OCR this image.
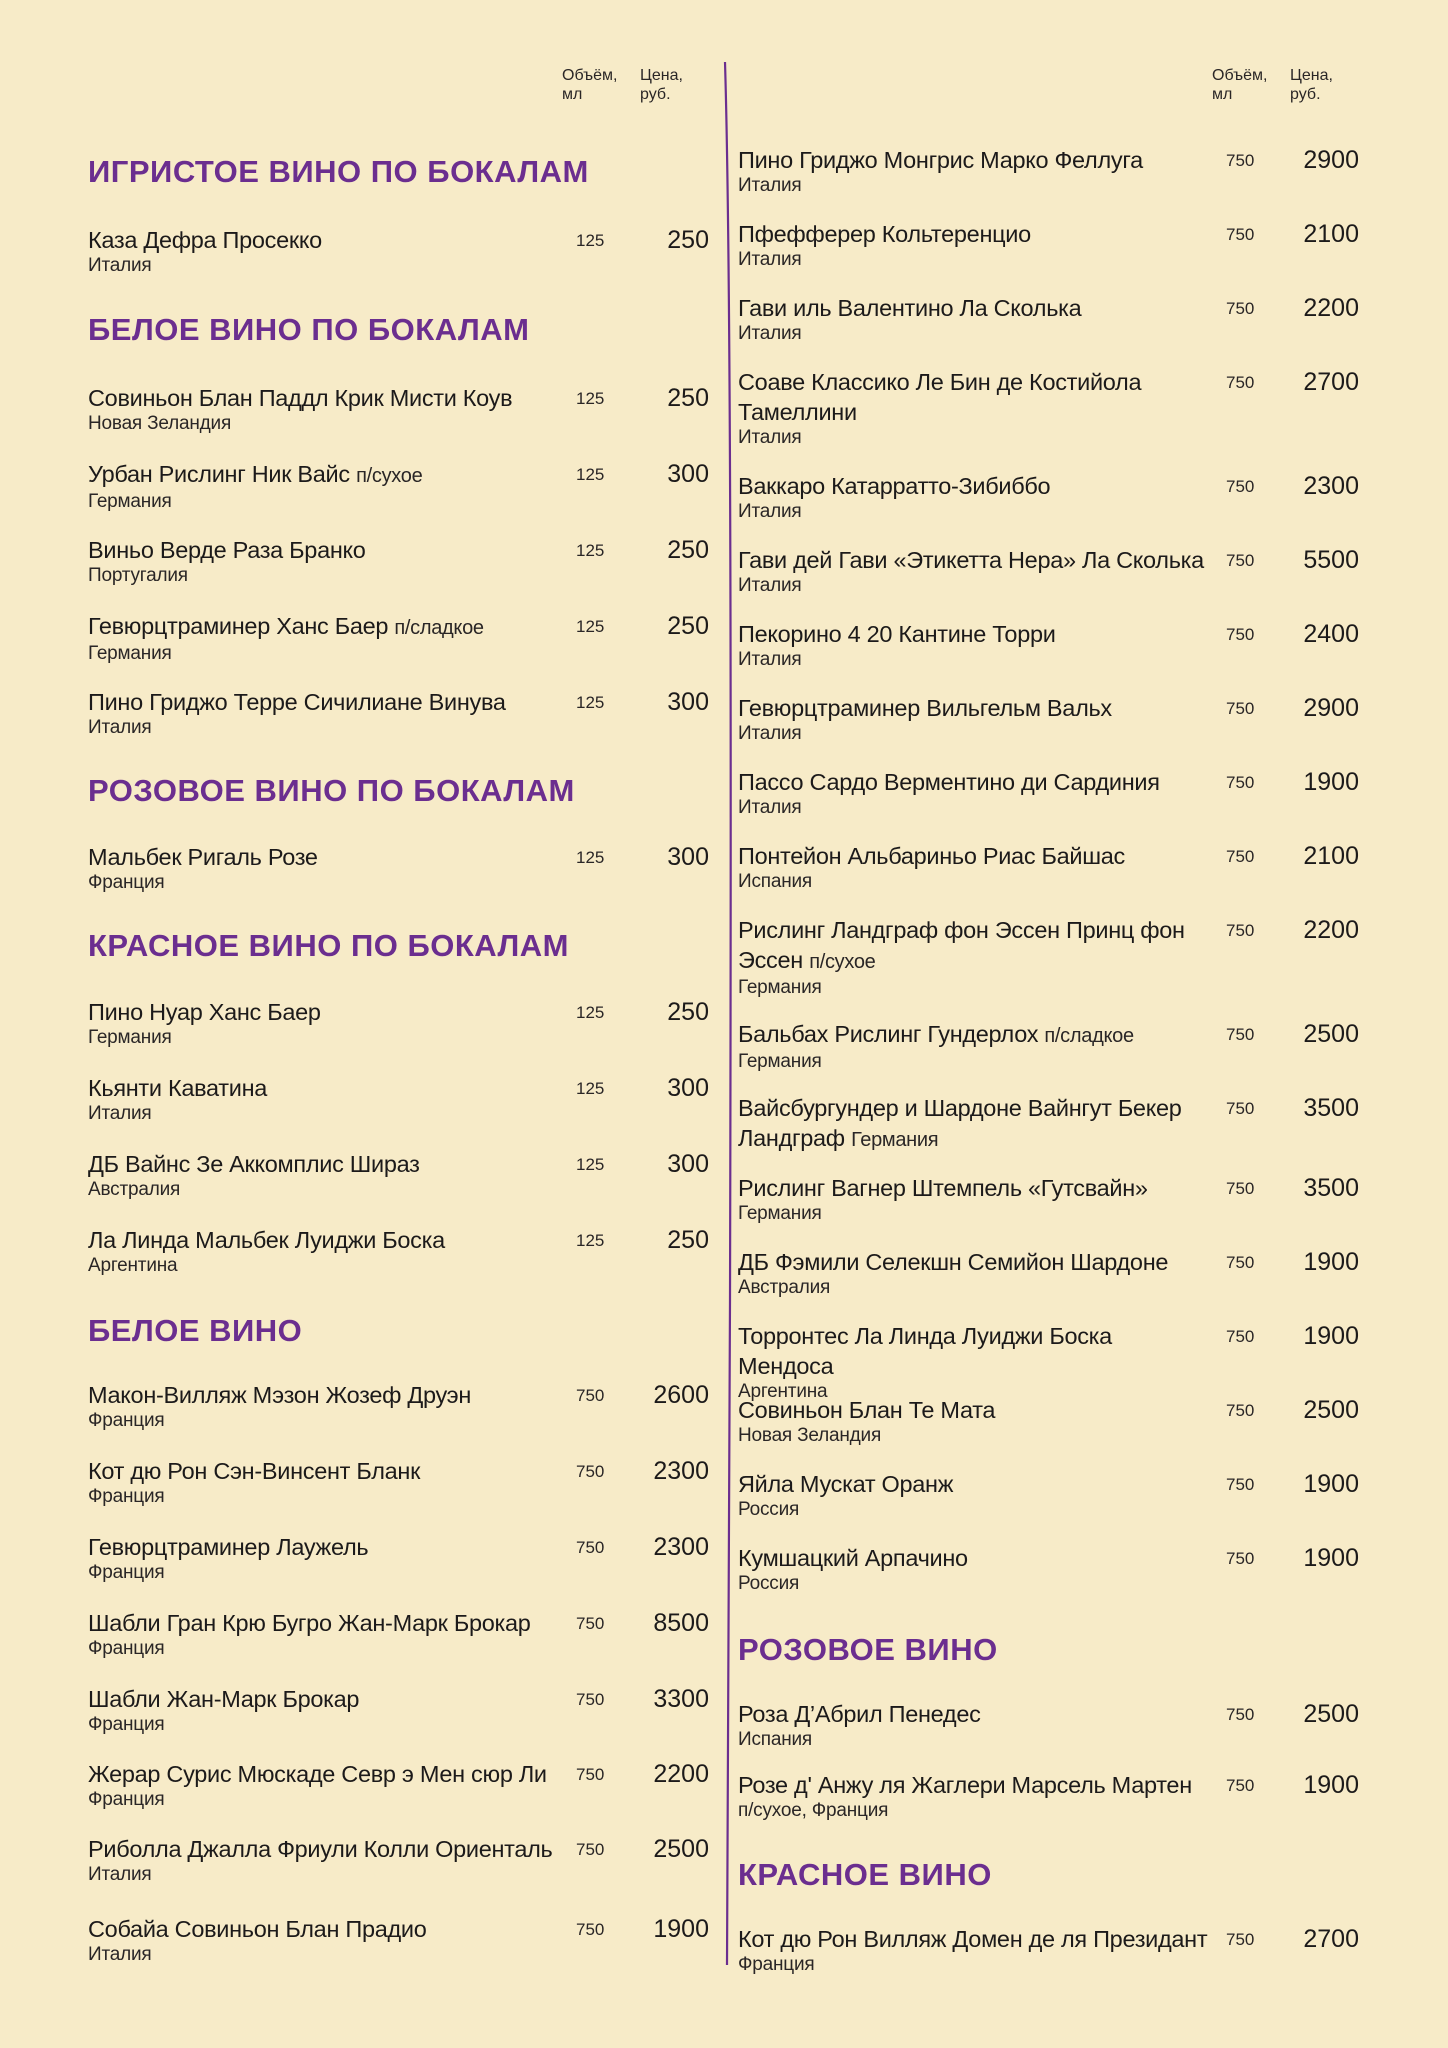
Объём,
мл
Цена,
руб.
ИГРИСТОЕ ВИНО ПО БОКАЛАМ
Каза Дефра Просекко
Италия
125	250
БЕЛОЕ ВИНО ПО БОКАЛАМ
Совиньон Блан Паддл Крик Мисти Коув
Новая Зеландия
125	250
Урбан Рислинг Ник Вайс п/сухое
Германия
125	300
Виньо Верде Раза Бранко
Португалия
125	250
Гевюрцтраминер Ханс Баер п/сладкое
Германия
125	250
Пино Гриджо Терре Сичилиане Винува
Италия
125	300
РОЗОВОЕ ВИНО ПО БОКАЛАМ
Мальбек Ригаль Розе
Франция
125	300
КРАСНОЕ ВИНО ПО БОКАЛАМ
Пино Нуар Ханс Баер
Германия
125	250
Кьянти Каватина
Италия
125	300
ДБ Вайнс Зе Аккомплис Шираз
Австралия
125	300
Ла Линда Мальбек Луиджи Боска
Аргентина
125	250
БЕЛОЕ ВИНО
Макон-Вилляж Мэзон Жозеф Друэн
Франция
750	2600
Кот дю Рон Сэн-Винсент Бланк
Франция
750	2300
Гевюрцтраминер Лаужель
Франция
750	2300
Шабли Гран Крю Бугро Жан-Марк Брокар
Франция
750	8500
Шабли Жан-Марк Брокар
Франция
750	3300
Жерар Сурис Мюскаде Севр э Мен сюр Ли
Франция
750	2200
Риболла Джалла Фриули Колли Ориенталь
Италия
750	2500
Собайа Совиньон Блан Прадио
Италия
750	1900
Объём,
мл
Цена,
руб.
Пино Гриджо Монгрис Марко Феллуга
Италия
750	2900
Пфефферер Кольтеренцио
Италия
750	2100
Гави иль Валентино Ла Сколька
Италия
750	2200
Соаве Классико Ле Бин де Костийола Тамеллини
Италия
750	2700
Ваккаро Катарратто-Зибиббо
Италия
750	2300
Гави дей Гави «Этикетта Нера» Ла Сколька
Италия
750	5500
Пекорино 4 20 Кантине Торри
Италия
750	2400
Гевюрцтраминер Вильгельм Вальх
Италия
750	2900
Пассо Сардо Верментино ди Сардиния
Италия
750	1900
Понтейон Альбариньо Риас Байшас
Испания
750	2100
Рислинг Ландграф фон Эссен Принц фон Эссен п/сухое
Германия
750	2200
Бальбах Рислинг Гундерлох п/сладкое
Германия
750	2500
Вайсбургундер и Шардоне Вайнгут Бекер Ландграф Германия
750	3500
Рислинг Вагнер Штемпель «Гутсвайн»
Германия
750	3500
ДБ Фэмили Селекшн Семийон Шардоне
Австралия
750	1900
Торронтес Ла Линда Луиджи Боска Мендоса
Аргентина
750	1900
Совиньон Блан Те Мата
Новая Зеландия
750	2500
Яйла Мускат Оранж
Россия
750	1900
Кумшацкий Арпачино
Россия
750	1900
РОЗОВОЕ ВИНО
Роза Д’Абрил Пенедес
Испания
750	2500
Розе д' Анжу ля Жаглери Марсель Мартен
п/сухое, Франция
750	1900
КРАСНОЕ ВИНО
Кот дю Рон Вилляж Домен де ля Президант
Франция
750	2700
